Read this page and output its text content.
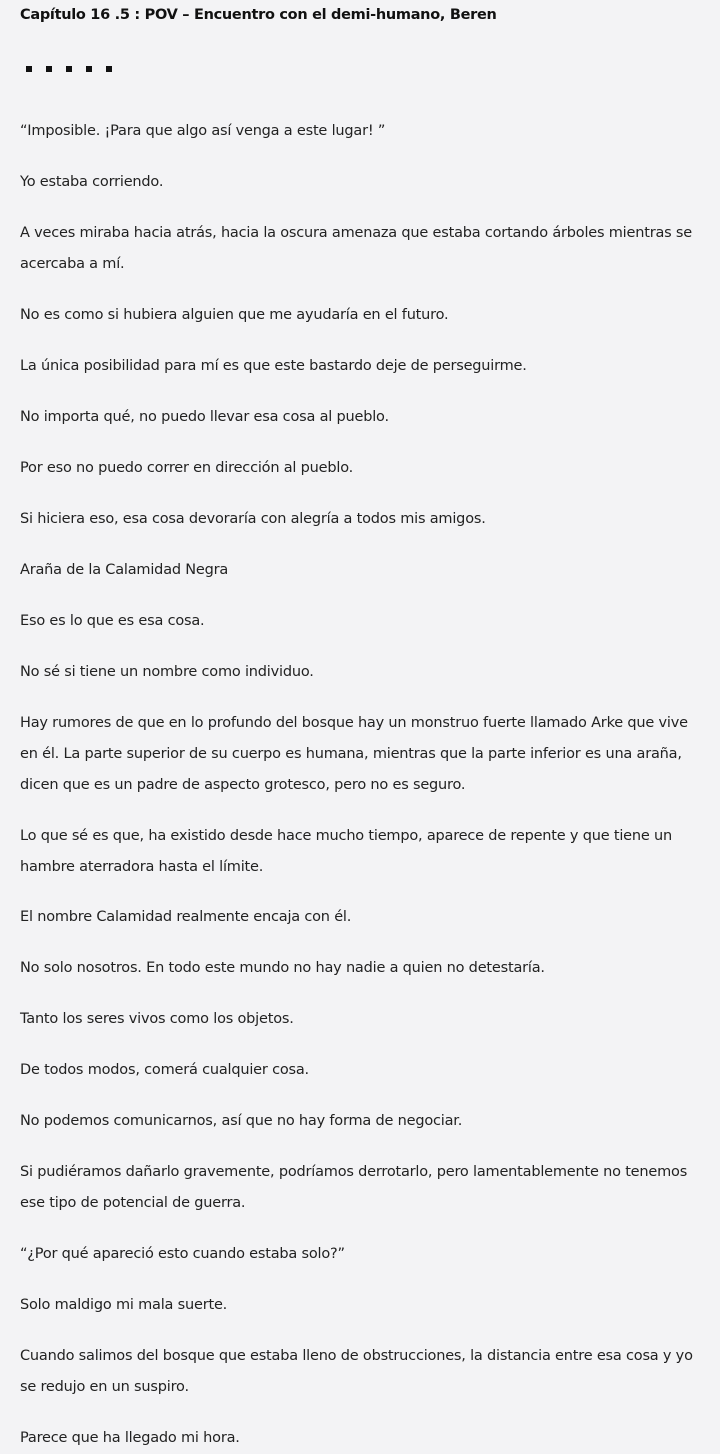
Capítulo 16 .5 : POV – Encuentro con el demi-humano, Beren

“Imposible. ¡Para que algo así venga a este lugar! ”

Yo estaba corriendo.

A veces miraba hacia atrás, hacia la oscura amenaza que estaba cortando árboles mientras se acercaba a mí.

No es como si hubiera alguien que me ayudaría en el futuro.

La única posibilidad para mí es que este bastardo deje de perseguirme.

No importa qué, no puedo llevar esa cosa al pueblo.

Por eso no puedo correr en dirección al pueblo.

Si hiciera eso, esa cosa devoraría con alegría a todos mis amigos.

Araña de la Calamidad Negra

Eso es lo que es esa cosa.

No sé si tiene un nombre como individuo.

Hay rumores de que en lo profundo del bosque hay un monstruo fuerte llamado Arke que vive en él. La parte superior de su cuerpo es humana, mientras que la parte inferior es una araña, dicen que es un padre de aspecto grotesco, pero no es seguro.

Lo que sé es que, ha existido desde hace mucho tiempo, aparece de repente y que tiene un hambre aterradora hasta el límite.

El nombre Calamidad realmente encaja con él.

No solo nosotros. En todo este mundo no hay nadie a quien no detestaría.

Tanto los seres vivos como los objetos.

De todos modos, comerá cualquier cosa.

No podemos comunicarnos, así que no hay forma de negociar.

Si pudiéramos dañarlo gravemente, podríamos derrotarlo, pero lamentablemente no tenemos ese tipo de potencial de guerra.

“¿Por qué apareció esto cuando estaba solo?”

Solo maldigo mi mala suerte.

Cuando salimos del bosque que estaba lleno de obstrucciones, la distancia entre esa cosa y yo se redujo en un suspiro.

Parece que ha llegado mi hora.
